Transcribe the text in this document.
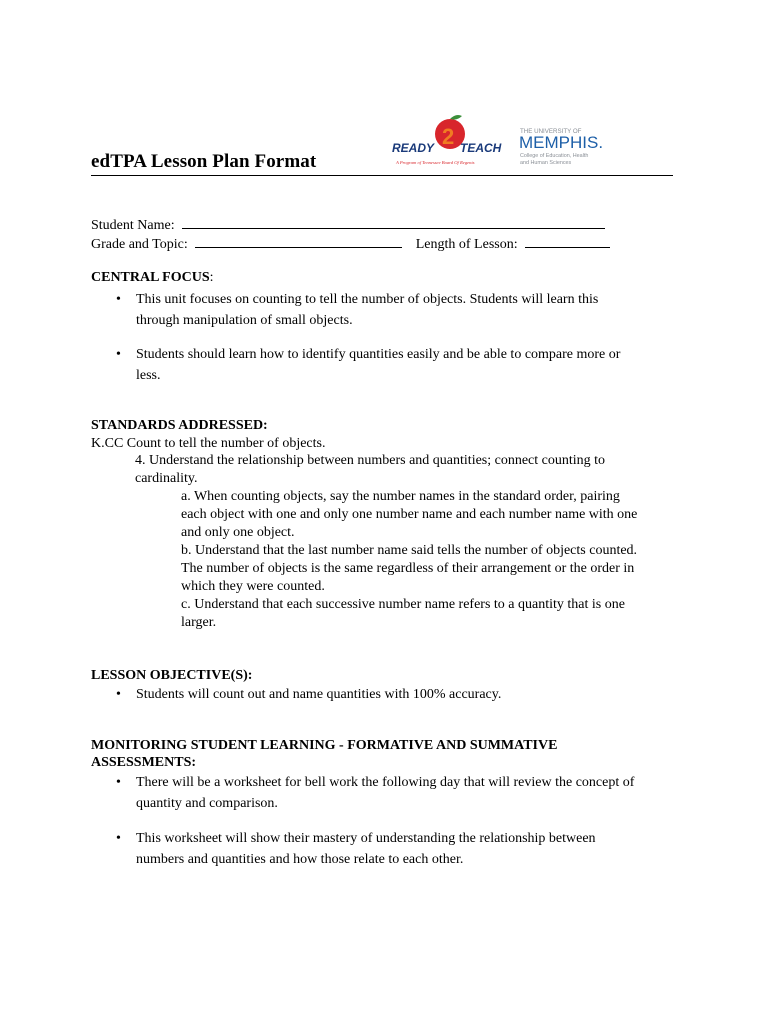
edTPA Lesson Plan Format
READY 2 TEACH
A Program of Tennessee Board Of Regents
THE UNIVERSITY OF
MEMPHIS.
College of Education, Health
and Human Sciences
Student Name:
Grade and Topic:	Length of Lesson:
CENTRAL FOCUS:
• This unit focuses on counting to tell the number of objects. Students will learn this
through manipulation of small objects.
• Students should learn how to identify quantities easily and be able to compare more or
less.
STANDARDS ADDRESSED:
K.CC Count to tell the number of objects.
4. Understand the relationship between numbers and quantities; connect counting to
cardinality.
a. When counting objects, say the number names in the standard order, pairing
each object with one and only one number name and each number name with one
and only one object.
b. Understand that the last number name said tells the number of objects counted.
The number of objects is the same regardless of their arrangement or the order in
which they were counted.
c. Understand that each successive number name refers to a quantity that is one
larger.
LESSON OBJECTIVE(S):
• Students will count out and name quantities with 100% accuracy.
MONITORING STUDENT LEARNING - FORMATIVE AND SUMMATIVE
ASSESSMENTS:
• There will be a worksheet for bell work the following day that will review the concept of
quantity and comparison.
• This worksheet will show their mastery of understanding the relationship between
numbers and quantities and how those relate to each other.
